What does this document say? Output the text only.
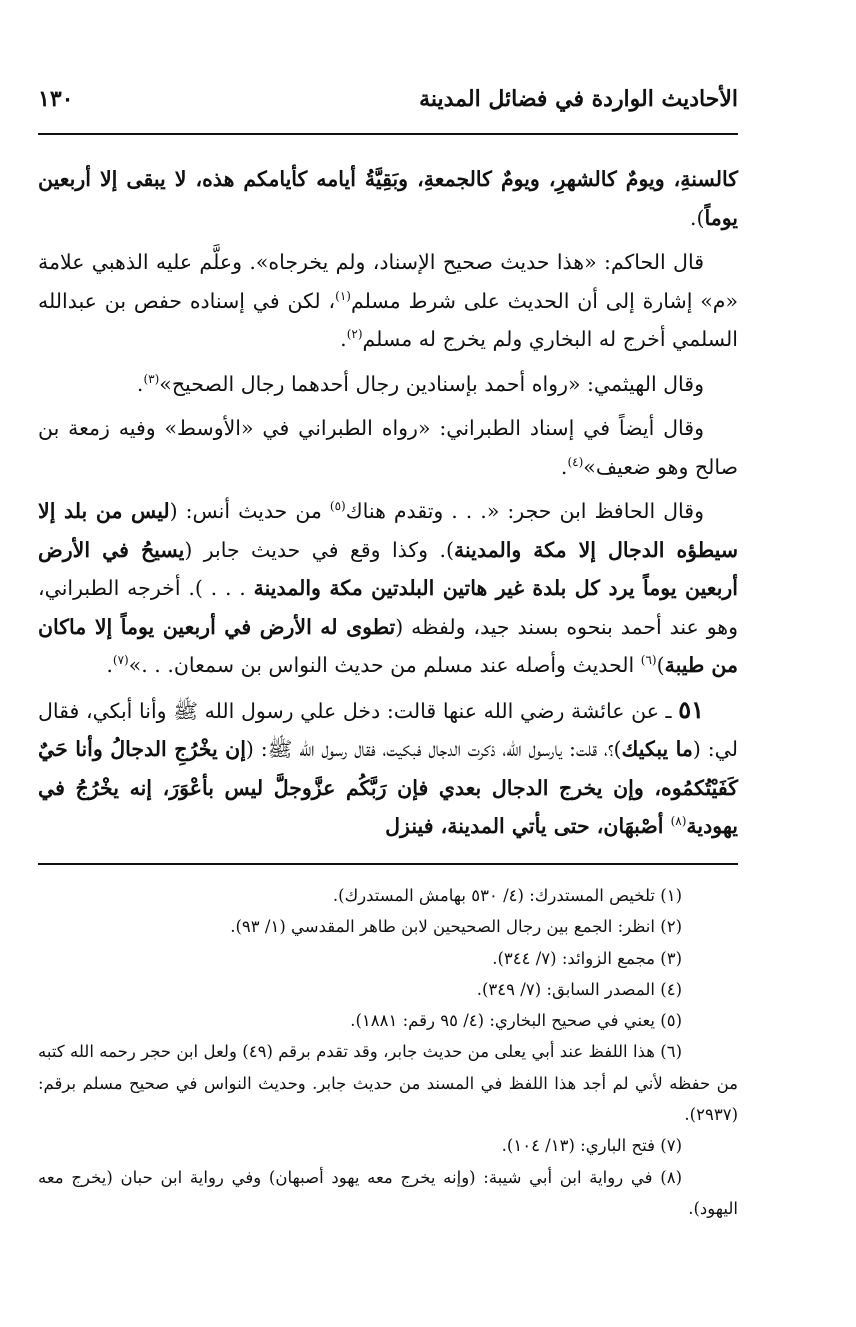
الأحاديث الواردة في فضائل المدينة
١٣٠

كالسنةِ، ويومٌ كالشهرِ، ويومٌ كالجمعةِ، وبَقِيَّةُ أيامه كأيامكم هذه، لا يبقى إلا أربعين يوماً).

قال الحاكم: «هذا حديث صحيح الإسناد، ولم يخرجاه». وعلَّم عليه الذهبي علامة «م» إشارة إلى أن الحديث على شرط مسلم$^{(١)}$، لكن في إسناده حفص بن عبدالله السلمي أخرج له البخاري ولم يخرج له مسلم$^{(٢)}$.

وقال الهيثمي: «رواه أحمد بإسنادين رجال أحدهما رجال الصحيح»$^{(٣)}$.

وقال أيضاً في إسناد الطبراني: «رواه الطبراني في «الأوسط» وفيه زمعة بن صالح وهو ضعيف»$^{(٤)}$.

وقال الحافظ ابن حجر: «. . . وتقدم هناك$^{(٥)}$ من حديث أنس: (ليس من بلد إلا سيطؤه الدجال إلا مكة والمدينة). وكذا وقع في حديث جابر (يسيحُ في الأرض أربعين يوماً يرد كل بلدة غير هاتين البلدتين مكة والمدينة . . . ). أخرجه الطبراني، وهو عند أحمد بنحوه بسند جيد، ولفظه (تطوى له الأرض في أربعين يوماً إلا ماكان من طيبة)$^{(٦)}$ الحديث وأصله عند مسلم من حديث النواس بن سمعان. . .»$^{(٧)}$.

٥١ ـ عن عائشة رضي الله عنها قالت: دخل علي رسول الله ﷺ وأنا أبكي، فقال لي: (ما يبكيك)؟، قلت: يارسول الله، ذكرت الدجال فبكيت، فقال رسول الله ﷺ: (إن يخْرُجِ الدجالُ وأنا حَيٌ كَفَيْتُكمُوه، وإن يخرج الدجال بعدي فإن رَبَّكُم عزَّوجلَّ ليس بأعْوَرَ، إنه يخْرُجُ في يهودية$^{(٨)}$ أصْبهَان، حتى يأتي المدينة، فينزل

(١) تلخيص المستدرك: (٤/ ٥٣٠ بهامش المستدرك).

(٢) انظر: الجمع بين رجال الصحيحين لابن طاهر المقدسي (١/ ٩٣).

(٣) مجمع الزوائد: (٧/ ٣٤٤).

(٤) المصدر السابق: (٧/ ٣٤٩).

(٥) يعني في صحيح البخاري: (٤/ ٩٥ رقم: ١٨٨١).

(٦) هذا اللفظ عند أبي يعلى من حديث جابر، وقد تقدم برقم (٤٩) ولعل ابن حجر رحمه الله كتبه من حفظه لأني لم أجد هذا اللفظ في المسند من حديث جابر. وحديث النواس في صحيح مسلم برقم: (٢٩٣٧).

(٧) فتح الباري: (١٣/ ١٠٤).

(٨) في رواية ابن أبي شيبة: (وإنه يخرج معه يهود أصبهان) وفي رواية ابن حبان (يخرج معه اليهود).
